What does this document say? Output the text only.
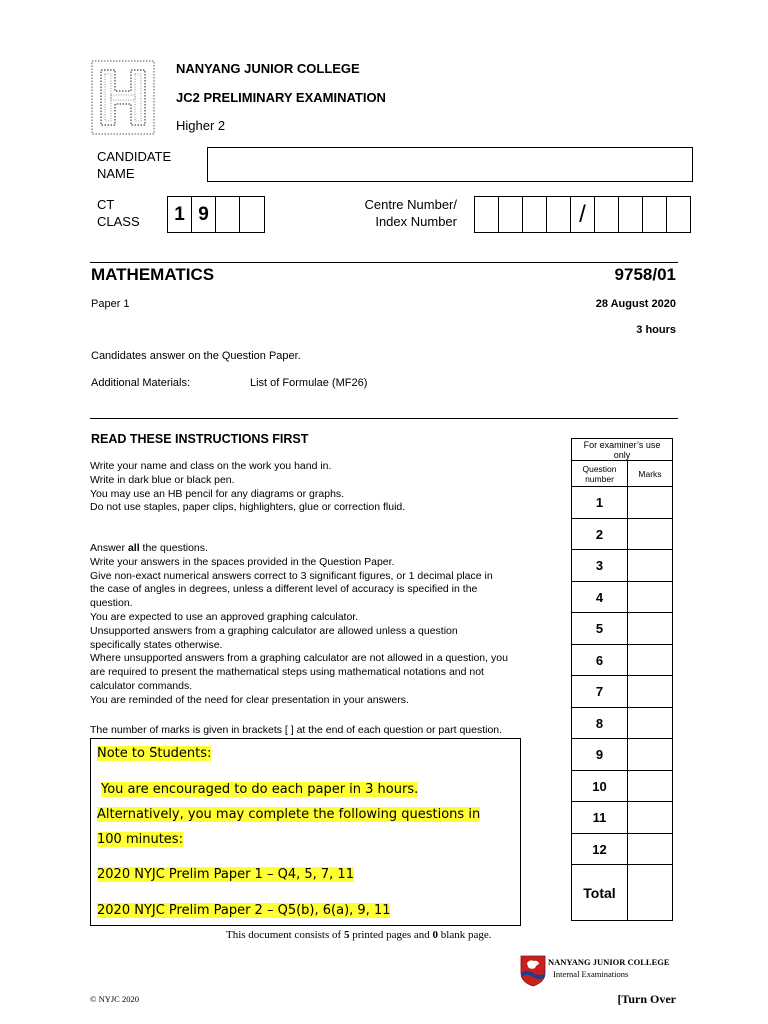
NANYANG JUNIOR COLLEGE
JC2 PRELIMINARY EXAMINATION
Higher 2
CANDIDATE
NAME
CT
CLASS	1 9	Centre Number/
Index Number	/
MATHEMATICS	9758/01
Paper 1	28 August 2020
3 hours
Candidates answer on the Question Paper.
Additional Materials:	List of Formulae (MF26)
READ THESE INSTRUCTIONS FIRST
Write your name and class on the work you hand in.
Write in dark blue or black pen.
You may use an HB pencil for any diagrams or graphs.
Do not use staples, paper clips, highlighters, glue or correction fluid.
Answer all the questions.
Write your answers in the spaces provided in the Question Paper.
Give non-exact numerical answers correct to 3 significant figures, or 1 decimal place in
the case of angles in degrees, unless a different level of accuracy is specified in the
question.
You are expected to use an approved graphing calculator.
Unsupported answers from a graphing calculator are allowed unless a question
specifically states otherwise.
Where unsupported answers from a graphing calculator are not allowed in a question, you
are required to present the mathematical steps using mathematical notations and not
calculator commands.
You are reminded of the need for clear presentation in your answers.
The number of marks is given in brackets [ ] at the end of each question or part question.
Note to Students:
You are encouraged to do each paper in 3 hours.
Alternatively, you may complete the following questions in
100 minutes:
2020 NYJC Prelim Paper 1 – Q4, 5, 7, 11
2020 NYJC Prelim Paper 2 – Q5(b), 6(a), 9, 11
For examiner’s use only	
Question number	Marks
1	
2	
3	
4	
5	
6	
7	
8	
9	
10	
11	
12	
Total	
This document consists of 5 printed pages and 0 blank page.
NANYANG JUNIOR COLLEGE
Internal Examinations
© NYJC 2020	[Turn Over
